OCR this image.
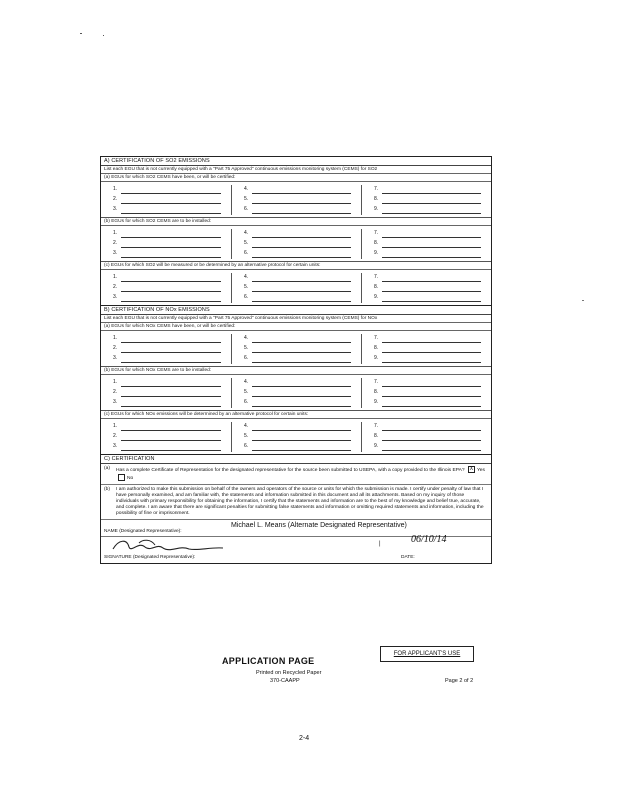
A) CERTIFICATION OF SO2 EMISSIONS
List each EGU that is not currently equipped with a "Part 75 Approved" continuous emissions monitoring system (CEMS) for SO2
(a) EGUs for which SO2 CEMS have been, or will be certified:
1.	4.	7.
2.	5.	8.
3.	6.	9.
(b) EGUs for which SO2 CEMS are to be installed:
1.	4.	7.
2.	5.	8.
3.	6.	9.
(c) EGUs for which SO2 will be measured or be determined by an alternative protocol for certain units:
1.	4.	7.
2.	5.	8.
3.	6.	9.
B) CERTIFICATION OF NOx EMISSIONS
List each EGU that is not currently equipped with a "Part 75 Approved" continuous emissions monitoring system (CEMS) for NOx
(a) EGUs for which NOx CEMS have been, or will be certified:
1.	4.	7.
2.	5.	8.
3.	6.	9.
(b) EGUs for which NOx CEMS are to be installed:
1.	4.	7.
2.	5.	8.
3.	6.	9.
(c) EGUs for which NOx emissions will be determined by an alternative protocol for certain units:
1.	4.	7.
2.	5.	8.
3.	6.	9.
C) CERTIFICATION
(a)	Has a complete Certificate of Representation for the designated representative for the source been submitted to USEPA, with a copy provided to the Illinois EPA? X Yes No
(b)	I am authorized to make this submission on behalf of the owners and operators of the source or units for which the submission is made. I certify under penalty of law that I have personally examined, and am familiar with, the statements and information submitted in this document and all its attachments. Based on my inquiry of those individuals with primary responsibility for obtaining the information, I certify that the statements and information are to the best of my knowledge and belief true, accurate, and complete. I am aware that there are significant penalties for submitting false statements and information or omitting required statements and information, including the possibility of fine or imprisonment.
NAME (Designated Representative):
Michael L. Means (Alternate Designated Representative)
06/10/14
|
SIGNATURE (Designated Representative):	DATE:
FOR APPLICANT'S USE
APPLICATION PAGE
Printed on Recycled Paper
370-CAAPP	Page 2 of 2
2-4
